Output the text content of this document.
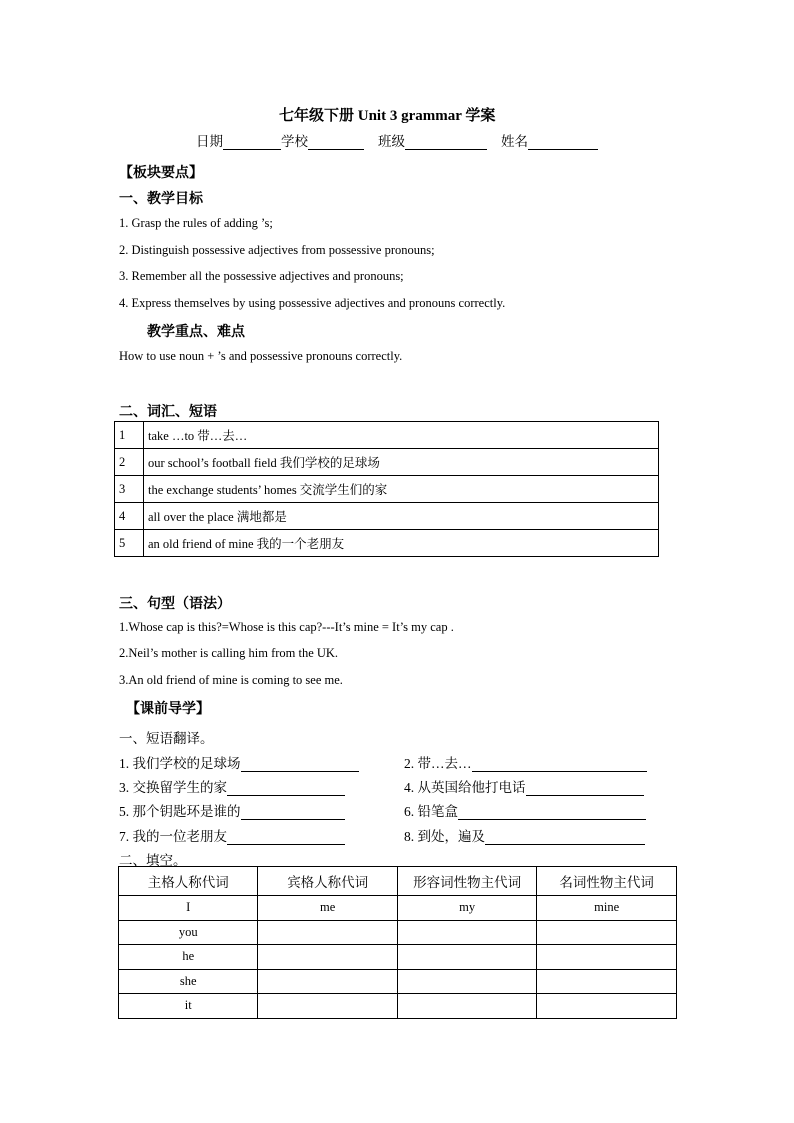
七年级下册 Unit 3 grammar 学案
日期	学校	班级	姓名
【板块要点】
一、教学目标
1. Grasp the rules of adding ’s;
2. Distinguish possessive adjectives from possessive pronouns;
3. Remember all the possessive adjectives and pronouns;
4. Express themselves by using possessive adjectives and pronouns correctly.
教学重点、难点
How to use noun + ’s and possessive pronouns correctly.
二、词汇、短语
1	take …to 带…去…
2	our school’s football field 我们学校的足球场
3	the exchange students’ homes 交流学生们的家
4	all over the place 满地都是
5	an old friend of mine 我的一个老朋友
三、句型（语法）
1.Whose cap is this?=Whose is this cap?---It’s mine = It’s my cap .
2.Neil’s mother is calling him from the UK.
3.An old friend of mine is coming to see me.
【课前导学】
一、短语翻译。
1. 我们学校的足球场	2. 带…去…
3. 交换留学生的家	4. 从英国给他打电话
5. 那个钥匙环是谁的	6. 铅笔盒
7. 我的一位老朋友	8. 到处，遍及
二、填空。
主格人称代词	宾格人称代词	形容词性物主代词	名词性物主代词
I	me	my	mine
you			
he			
she			
it			
